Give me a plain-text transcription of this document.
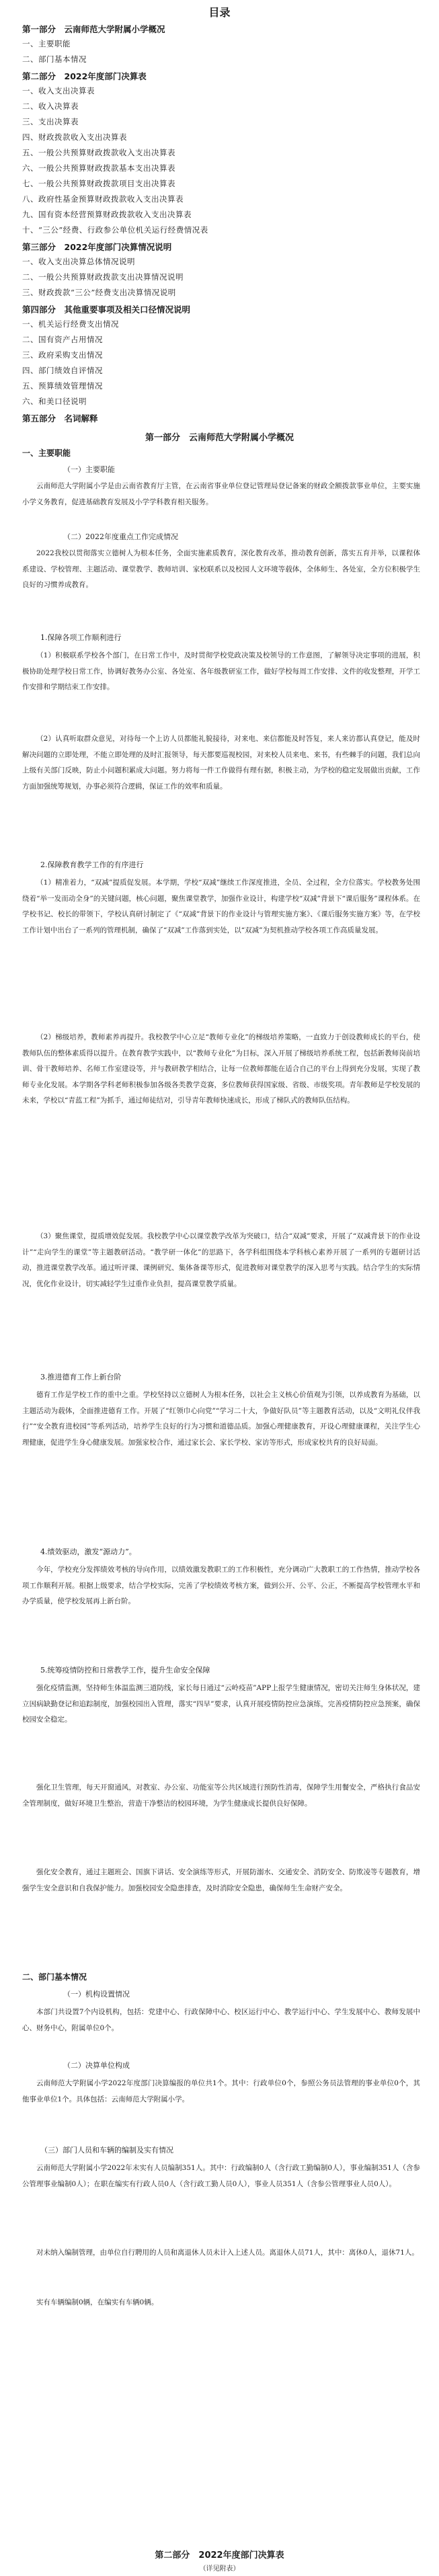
目录
第一部分　云南师范大学附属小学概况
一、主要职能
二、部门基本情况
第二部分　2022年度部门决算表
一、收入支出决算表
二、收入决算表
三、支出决算表
四、财政拨款收入支出决算表
五、一般公共预算财政拨款收入支出决算表
六、一般公共预算财政拨款基本支出决算表
七、一般公共预算财政拨款项目支出决算表
八、政府性基金预算财政拨款收入支出决算表
九、国有资本经营预算财政拨款收入支出决算表
十、“三公”经费、行政参公单位机关运行经费情况表
第三部分　2022年度部门决算情况说明
一、收入支出决算总体情况说明
二、一般公共预算财政拨款支出决算情况说明
三、财政拨款“三公”经费支出决算情况说明
第四部分　其他重要事项及相关口径情况说明
一、机关运行经费支出情况
二、国有资产占用情况
三、政府采购支出情况
四、部门绩效自评情况
五、预算绩效管理情况
六、和美口径说明
第五部分　名词解释
第一部分　云南师范大学附属小学概况
一、主要职能
（一）主要职能

云南师范大学附属小学是由云南省教育厅主管，在云南省事业单位登记管理局登记备案的财政全额拨款事业单位，主要实施小学义务教育，促进基础教育发展及小学学科教育相关服务。

（二）2022年度重点工作完成情况

2022我校以贯彻落实立德树人为根本任务，全面实施素质教育，深化教育改革，推动教育创新，落实五育并举，以课程体系建设、学校管理、主题活动、课堂教学、教师培训、家校联系以及校园人文环境等载体，全体师生、各处室，全方位积极学生良好的习惯养成教育。

1.保障各项工作顺利进行

（1）积极联系学校各个部门，在日常工作中，及时贯彻学校党政决策及校领导的工作意图，了解领导决定事项的进展，积极协助处理学校日常工作，协调好教务办公室、各处室、各年级教研室工作，做好学校每周工作安排、文件的收发整理，开学工作安排和学期结束工作安排。

（2）认真听取群众意见，对待每一个上访人员都能礼貌接待，对来电、来信都能及时答复，来人来访都认真登记，能及时解决问题的立即处理，不能立即处理的及时汇报领导，每天都要巡视校园，对来校人员来电、来书，有些棘手的问题，我们总向上级有关部门反映，防止小问题积累成大问题。努力将每一件工作做得有理有据，积极主动，为学校的稳定发展做出贡献，工作方面加强统筹规划，办事必须符合逻辑，保证工作的效率和质量。

2.保障教育教学工作的有序进行

（1）精准着力，“双减”提质促发展。本学期，学校“双减”继续工作深度推进，全员、全过程，全方位落实。学校教务处围绕着“举一发而动全身”的关键问题，核心问题，聚焦课堂教学，加强作业设计，构建学校“双减”背景下“课后服务”课程体系。在学校书记、校长的带领下，学校认真研讨制定了《“双减”背景下的作业设计与管理实施方案》、《课后服务实施方案》等，在学校工作计划中出台了一系列的管理机制，确保了“双减”工作落到实处，以“双减”为契机推动学校各项工作高质量发展。

（2）梯级培养，教师素养再提升。我校教学中心立足“教师专业化”的梯级培养策略，一直致力于创设教师成长的平台，使教师队伍的整体素质得以提升。在教育教学实践中，以“教师专业化”为目标，深入开展了梯级培养系统工程，包括新教师岗前培训、骨干教师培养、名师工作室建设等，并与教研教学相结合，让每一位教师都能在适合自己的平台上得到充分发展，实现了教师专业化发展。本学期各学科老师积极参加各级各类教学竞赛，多位教师获得国家级、省级、市级奖项。青年教师是学校发展的未来，学校以“青蓝工程”为抓手，通过师徒结对，引导青年教师快速成长，形成了梯队式的教师队伍结构。

（3）聚焦课堂，提质增效促发展。我校教学中心以课堂教学改革为突破口，结合“双减”要求，开展了“双减背景下的作业设计”“走向学生的课堂”等主题教研活动。“教学研一体化”的思路下，各学科组围绕本学科核心素养开展了一系列的专题研讨活动，推进课堂教学改革。通过听评课、课例研究、集体备课等形式，促进教师对课堂教学的深入思考与实践。结合学生的实际情况，优化作业设计，切实减轻学生过重作业负担，提高课堂教学质量。

3.推进德育工作上新台阶

德育工作是学校工作的重中之重。学校坚持以立德树人为根本任务，以社会主义核心价值观为引领，以养成教育为基础，以主题活动为载体，全面推进德育工作。开展了“红领巾心向党”“学习二十大，争做好队员”等主题教育活动，以及“文明礼仪伴我行”“安全教育进校园”等系列活动，培养学生良好的行为习惯和道德品质。加强心理健康教育，开设心理健康课程，关注学生心理健康，促进学生身心健康发展。加强家校合作，通过家长会、家长学校、家访等形式，形成家校共育的良好局面。

4.绩效驱动，激发“源动力”。

今年，学校充分发挥绩效考核的导向作用，以绩效激发教职工的工作积极性，充分调动广大教职工的工作热情，推动学校各项工作顺利开展。根据上级要求，结合学校实际，完善了学校绩效考核方案，做到公开、公平、公正，不断提高学校管理水平和办学质量，使学校发展再上新台阶。

5.统筹疫情防控和日常教学工作，提升生命安全保障

强化疫情监测，坚持师生体温监测三道防线，家长每日通过“云岭疫苗”APP上报学生健康情况，密切关注师生身体状况，建立因病缺勤登记和追踪制度，加强校园出入管理，落实“四早”要求，认真开展疫情防控应急演练，完善疫情防控应急预案，确保校园安全稳定。

强化卫生管理，每天开窗通风，对教室、办公室、功能室等公共区域进行预防性消毒，保障学生用餐安全，严格执行食品安全管理制度，做好环境卫生整治，营造干净整洁的校园环境，为学生健康成长提供良好保障。

强化安全教育，通过主题班会、国旗下讲话、安全演练等形式，开展防溺水、交通安全、消防安全、防欺凌等专题教育，增强学生安全意识和自我保护能力。加强校园安全隐患排查，及时消除安全隐患，确保师生生命财产安全。

二、部门基本情况
（一）机构设置情况

本部门共设置7个内设机构，包括：党建中心、行政保障中心、校区运行中心、教学运行中心、学生发展中心、教师发展中心、财务中心，附属单位0个。

（二）决算单位构成

云南师范大学附属小学2022年度部门决算编报的单位共1个。其中：行政单位0个，参照公务员法管理的事业单位0个，其他事业单位1个。具体包括：云南师范大学附属小学。

（三）部门人员和车辆的编制及实有情况

云南师范大学附属小学2022年末实有人员编制351人。其中：行政编制0人（含行政工勤编制0人），事业编制351人（含参公管理事业编制0人）；在职在编实有行政人员0人（含行政工勤人员0人），事业人员351人（含参公管理事业人员0人）。

对未纳入编制管理，由单位自行聘用的人员和离退休人员未计入上述人员。离退休人员71人，其中：离休0人，退休71人。

实有车辆编制0辆，在编实有车辆0辆。

第二部分　2022年度部门决算表
（详见附表）
